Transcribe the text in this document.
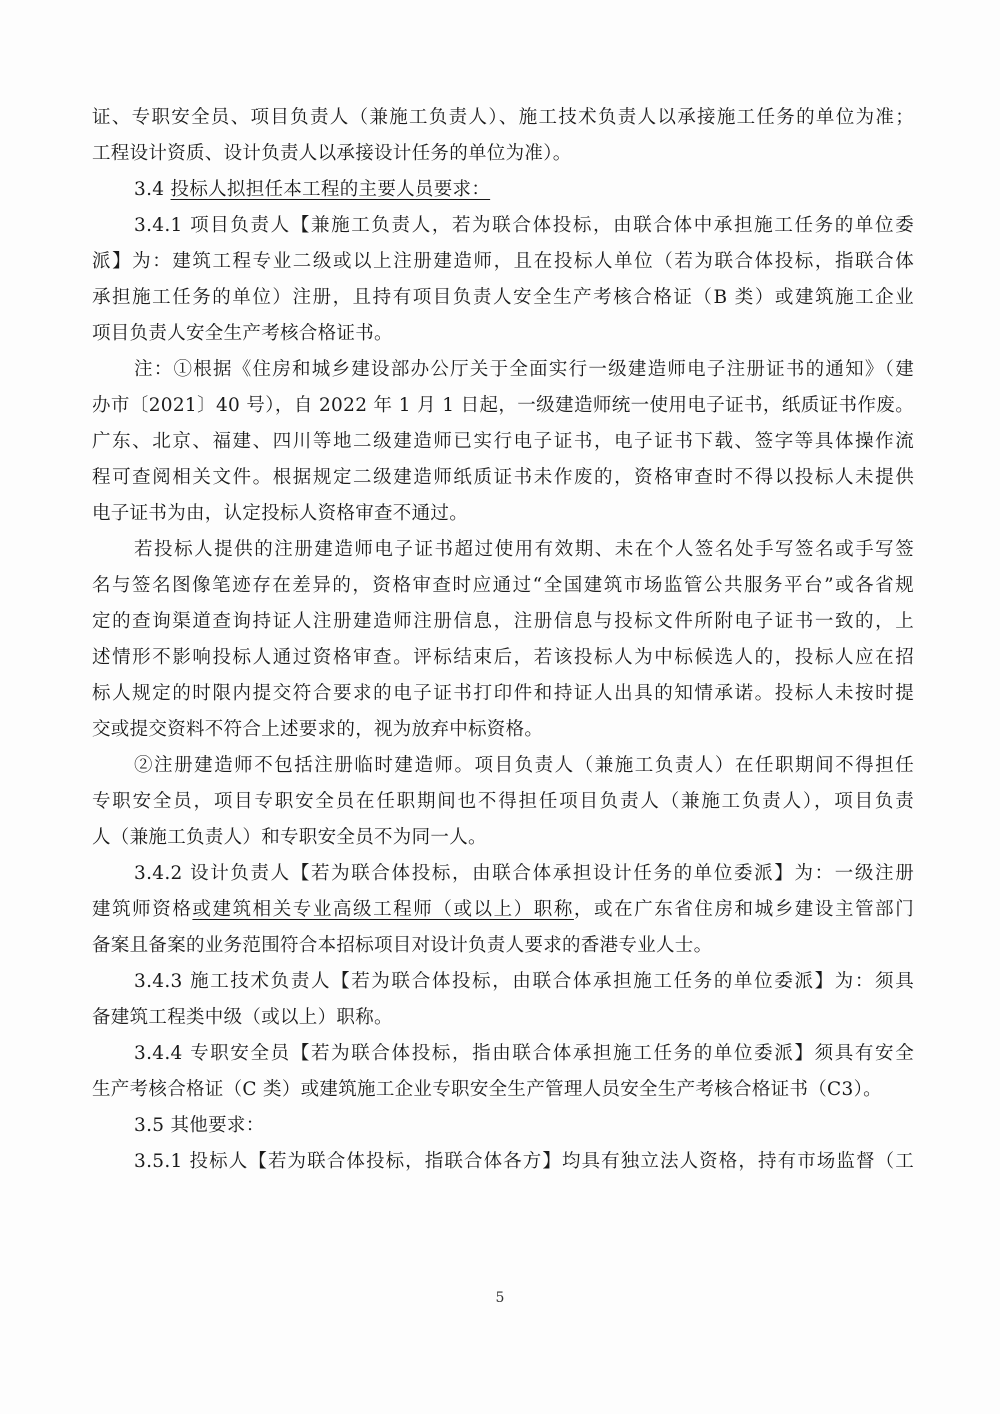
证、专职安全员、项目负责人（兼施工负责人）、施工技术负责人以承接施工任务的单位为准；
工程设计资质、设计负责人以承接设计任务的单位为准）。
3.4 投标人拟担任本工程的主要人员要求：
3.4.1 项目负责人【兼施工负责人，若为联合体投标，由联合体中承担施工任务的单位委
派】为：建筑工程专业二级或以上注册建造师，且在投标人单位（若为联合体投标，指联合体
承担施工任务的单位）注册，且持有项目负责人安全生产考核合格证（B 类）或建筑施工企业
项目负责人安全生产考核合格证书。
注：①根据《住房和城乡建设部办公厅关于全面实行一级建造师电子注册证书的通知》（建
办市〔2021〕40 号），自 2022 年 1 月 1 日起，一级建造师统一使用电子证书，纸质证书作废。
广东、北京、福建、四川等地二级建造师已实行电子证书，电子证书下载、签字等具体操作流
程可查阅相关文件。根据规定二级建造师纸质证书未作废的，资格审查时不得以投标人未提供
电子证书为由，认定投标人资格审查不通过。
若投标人提供的注册建造师电子证书超过使用有效期、未在个人签名处手写签名或手写签
名与签名图像笔迹存在差异的，资格审查时应通过“全国建筑市场监管公共服务平台”或各省规
定的查询渠道查询持证人注册建造师注册信息，注册信息与投标文件所附电子证书一致的，上
述情形不影响投标人通过资格审查。评标结束后，若该投标人为中标候选人的，投标人应在招
标人规定的时限内提交符合要求的电子证书打印件和持证人出具的知情承诺。投标人未按时提
交或提交资料不符合上述要求的，视为放弃中标资格。
②注册建造师不包括注册临时建造师。项目负责人（兼施工负责人）在任职期间不得担任
专职安全员，项目专职安全员在任职期间也不得担任项目负责人（兼施工负责人），项目负责
人（兼施工负责人）和专职安全员不为同一人。
3.4.2 设计负责人【若为联合体投标，由联合体承担设计任务的单位委派】为：一级注册
建筑师资格或建筑相关专业高级工程师（或以上）职称，或在广东省住房和城乡建设主管部门
备案且备案的业务范围符合本招标项目对设计负责人要求的香港专业人士。
3.4.3 施工技术负责人【若为联合体投标，由联合体承担施工任务的单位委派】为：须具
备建筑工程类中级（或以上）职称。
3.4.4 专职安全员【若为联合体投标，指由联合体承担施工任务的单位委派】须具有安全
生产考核合格证（C 类）或建筑施工企业专职安全生产管理人员安全生产考核合格证书（C3）。
3.5 其他要求：
3.5.1 投标人【若为联合体投标，指联合体各方】均具有独立法人资格，持有市场监督（工
5
